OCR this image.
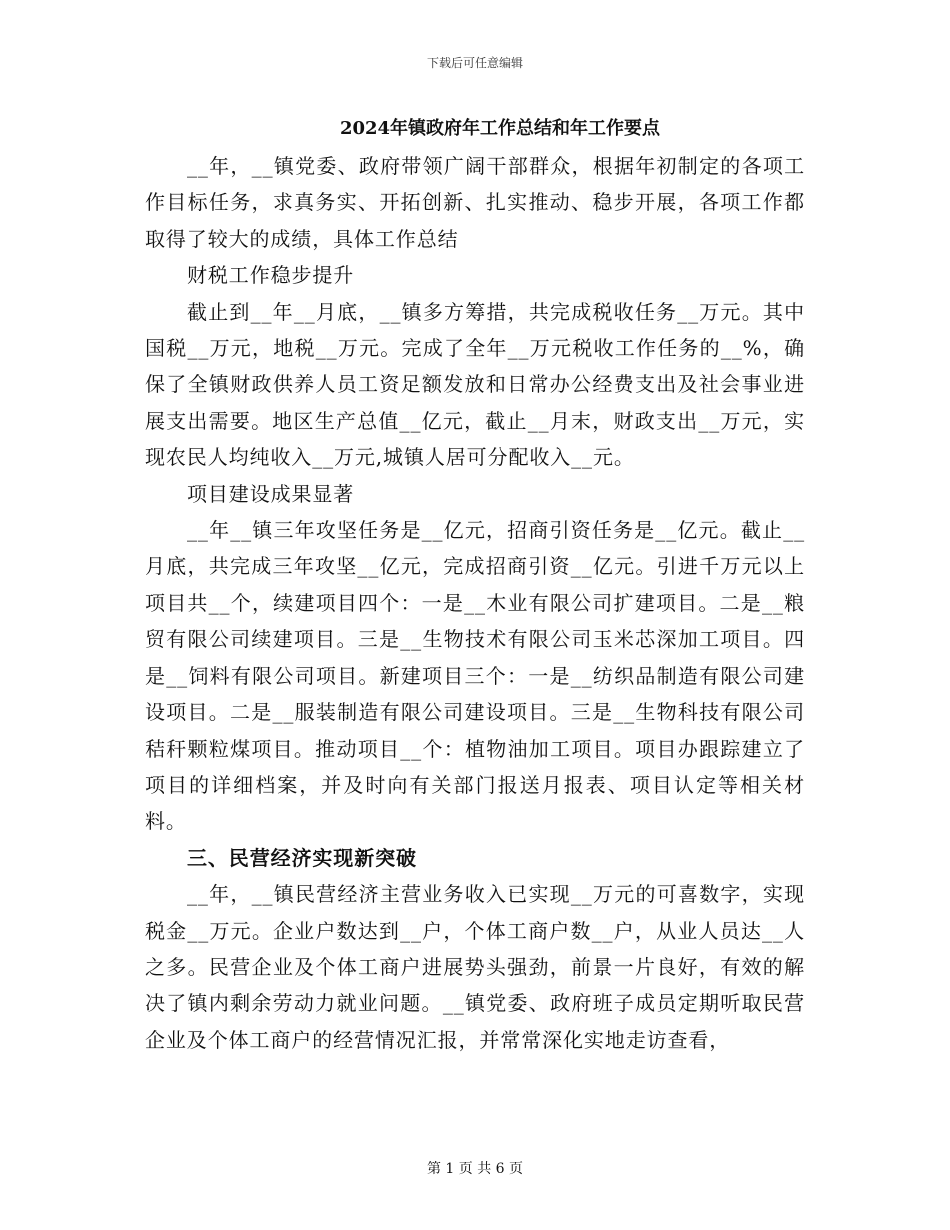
下载后可任意编辑
2024年镇政府年工作总结和年工作要点

__年，__镇党委、政府带领广阔干部群众，根据年初制定的各项工作目标任务，求真务实、开拓创新、扎实推动、稳步开展，各项工作都取得了较大的成绩，具体工作总结

财税工作稳步提升

截止到__年__月底，__镇多方筹措，共完成税收任务__万元。其中国税__万元，地税__万元。完成了全年__万元税收工作任务的__%，确保了全镇财政供养人员工资足额发放和日常办公经费支出及社会事业进展支出需要。地区生产总值__亿元，截止__月末，财政支出__万元，实现农民人均纯收入__万元,城镇人居可分配收入__元。

项目建设成果显著

__年__镇三年攻坚任务是__亿元，招商引资任务是__亿元。截止__月底，共完成三年攻坚__亿元，完成招商引资__亿元。引进千万元以上项目共__个，续建项目四个：一是__木业有限公司扩建项目。二是__粮贸有限公司续建项目。三是__生物技术有限公司玉米芯深加工项目。四是__饲料有限公司项目。新建项目三个：一是__纺织品制造有限公司建设项目。二是__服装制造有限公司建设项目。三是__生物科技有限公司秸秆颗粒煤项目。推动项目__个：植物油加工项目。项目办跟踪建立了项目的详细档案，并及时向有关部门报送月报表、项目认定等相关材料。

三、民营经济实现新突破

__年，__镇民营经济主营业务收入已实现__万元的可喜数字，实现税金__万元。企业户数达到__户，个体工商户数__户，从业人员达__人之多。民营企业及个体工商户进展势头强劲，前景一片良好，有效的解决了镇内剩余劳动力就业问题。__镇党委、政府班子成员定期听取民营企业及个体工商户的经营情况汇报，并常常深化实地走访查看，

第 1 页 共 6 页
